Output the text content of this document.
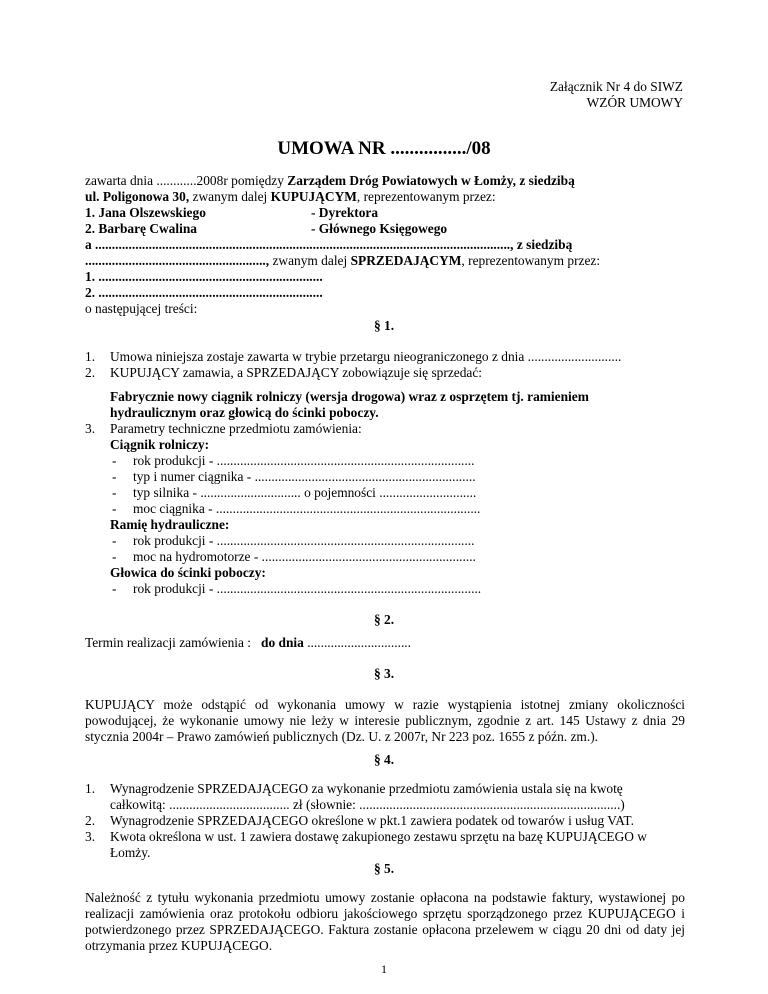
Załącznik Nr 4 do SIWZ
WZÓR UMOWY
UMOWA NR ................/08
zawarta dnia ............2008r pomiędzy Zarządem Dróg Powiatowych w Łomży, z siedzibą
ul. Poligonowa 30, zwanym dalej KUPUJĄCYM, reprezentowanym przez:
1. Jana Olszewskiego	- Dyrektora
2. Barbarę Cwalina	- Głównego Księgowego
a ............................................................................................................................, z siedzibą
......................................................, zwanym dalej SPRZEDAJĄCYM, reprezentowanym przez:
1. ...................................................................
2. ...................................................................
o następującej treści:
§ 1.
1. Umowa niniejsza zostaje zawarta w trybie przetargu nieograniczonego z dnia ............................
2. KUPUJĄCY zamawia, a SPRZEDAJĄCY zobowiązuje się sprzedać:
Fabrycznie nowy ciągnik rolniczy (wersja drogowa) wraz z osprzętem tj. ramieniem
hydraulicznym oraz głowicą do ścinki poboczy.
3. Parametry techniczne przedmiotu zamówienia:
Ciągnik rolniczy:
- rok produkcji - .............................................................................
- typ i numer ciągnika - ..................................................................
- typ silnika - .............................. o pojemności .............................
- moc ciągnika - ...............................................................................
Ramię hydrauliczne:
- rok produkcji - .............................................................................
- moc na hydromotorze - ................................................................
Głowica do ścinki poboczy:
- rok produkcji - ...............................................................................
§ 2.
Termin realizacji zamówienia :   do dnia ...............................
§ 3.
KUPUJĄCY może odstąpić od wykonania umowy w razie wystąpienia istotnej zmiany okoliczności powodującej, że wykonanie umowy nie leży w interesie publicznym, zgodnie z art. 145 Ustawy z dnia 29 stycznia 2004r – Prawo zamówień publicznych (Dz. U. z 2007r, Nr 223 poz. 1655 z późn. zm.).
§ 4.
1. Wynagrodzenie SPRZEDAJĄCEGO za wykonanie przedmiotu zamówienia ustala się na kwotę
całkowitą: .................................... zł (słownie: ..............................................................................)
2. Wynagrodzenie SPRZEDAJĄCEGO określone w pkt.1 zawiera podatek od towarów i usług VAT.
3. Kwota określona w ust. 1 zawiera dostawę zakupionego zestawu sprzętu na bazę KUPUJĄCEGO w
Łomży.
§ 5.
Należność z tytułu wykonania przedmiotu umowy zostanie opłacona na podstawie faktury, wystawionej po realizacji zamówienia oraz protokołu odbioru jakościowego sprzętu sporządzonego przez KUPUJĄCEGO i potwierdzonego przez SPRZEDAJĄCEGO. Faktura zostanie opłacona przelewem w ciągu 20 dni od daty jej otrzymania przez KUPUJĄCEGO.
1
